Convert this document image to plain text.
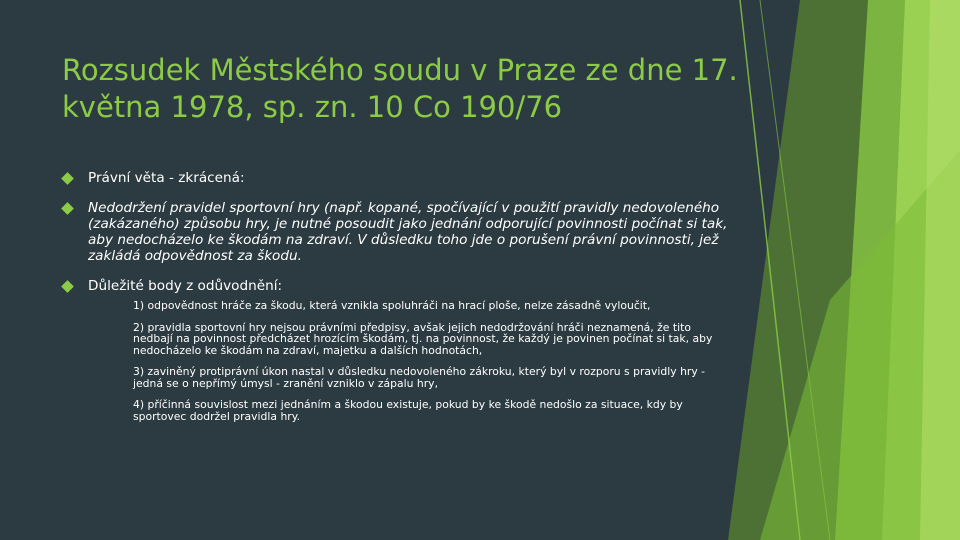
Rozsudek Městského soudu v Praze ze dne 17. května 1978, sp. zn. 10 Co 190/76
Právní věta - zkrácená:
Nedodržení pravidel sportovní hry (např. kopané, spočívající v použití pravidly nedovoleného (zakázaného) způsobu hry, je nutné posoudit jako jednání odporující povinnosti počínat si tak, aby nedocházelo ke škodám na zdraví. V důsledku toho jde o porušení právní povinnosti, jež zakládá odpovědnost za škodu.
Důležité body z odůvodnění:
1) odpovědnost hráče za škodu, která vznikla spoluhráči na hrací ploše, nelze zásadně vyloučit,
2) pravidla sportovní hry nejsou právními předpisy, avšak jejich nedodržování hráči neznamená, že tito nedbají na povinnost předcházet hrozícím škodám, tj. na povinnost, že každý je povinen počínat si tak, aby nedocházelo ke škodám na zdraví, majetku a dalších hodnotách,
3) zaviněný protiprávní úkon nastal v důsledku nedovoleného zákroku, který byl v rozporu s pravidly hry - jedná se o nepřímý úmysl - zranění vzniklo v zápalu hry,
4) příčinná souvislost mezi jednáním a škodou existuje, pokud by ke škodě nedošlo za situace, kdy by sportovec dodržel pravidla hry.
